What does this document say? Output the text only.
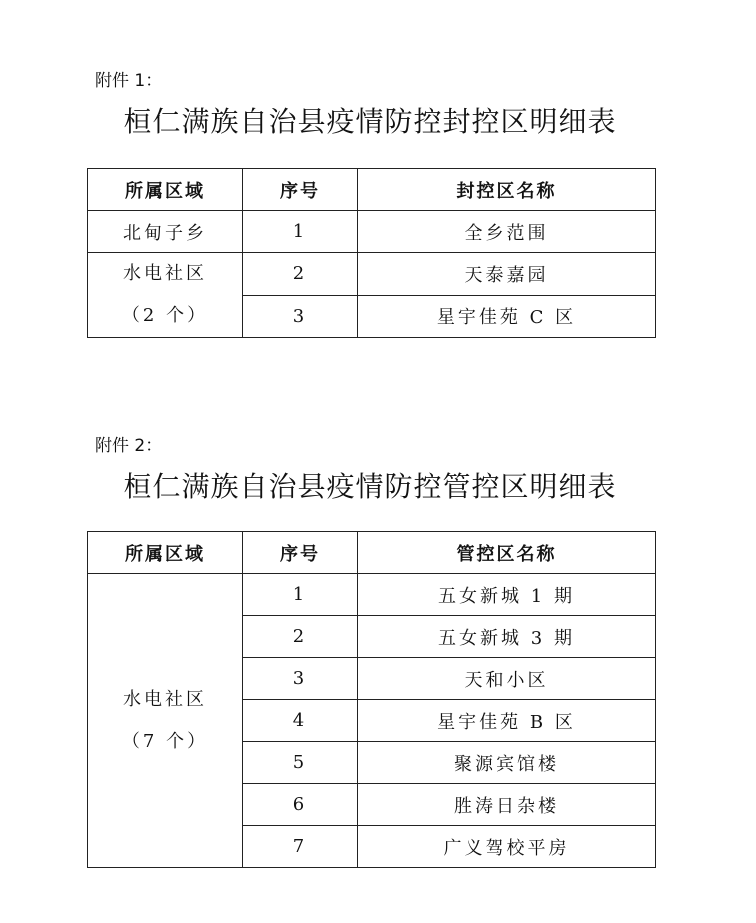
附件 1：
桓仁满族自治县疫情防控封控区明细表
所属区域	序号	封控区名称
北甸子乡	1	全乡范围

水电社区
（2 个）	2	天泰嘉园
	3	星宇佳苑 C 区
附件 2：
桓仁满族自治县疫情防控管控区明细表
所属区域	序号	管控区名称

水电社区
（7 个）	1	五女新城 1 期
	2	五女新城 3 期
	3	天和小区
	4	星宇佳苑 B 区
	5	聚源宾馆楼
	6	胜涛日杂楼
	7	广义驾校平房
